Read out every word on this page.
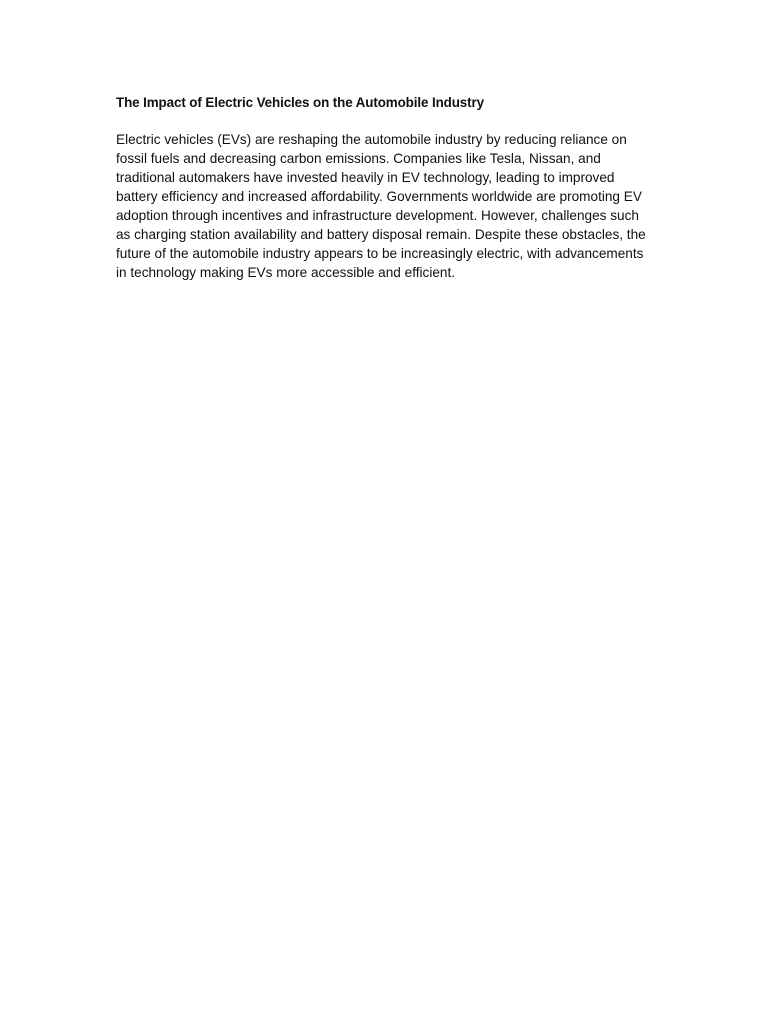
The Impact of Electric Vehicles on the Automobile Industry

Electric vehicles (EVs) are reshaping the automobile industry by reducing reliance on fossil fuels and decreasing carbon emissions. Companies like Tesla, Nissan, and traditional automakers have invested heavily in EV technology, leading to improved battery efficiency and increased affordability. Governments worldwide are promoting EV adoption through incentives and infrastructure development. However, challenges such as charging station availability and battery disposal remain. Despite these obstacles, the future of the automobile industry appears to be increasingly electric, with advancements in technology making EVs more accessible and efficient.
